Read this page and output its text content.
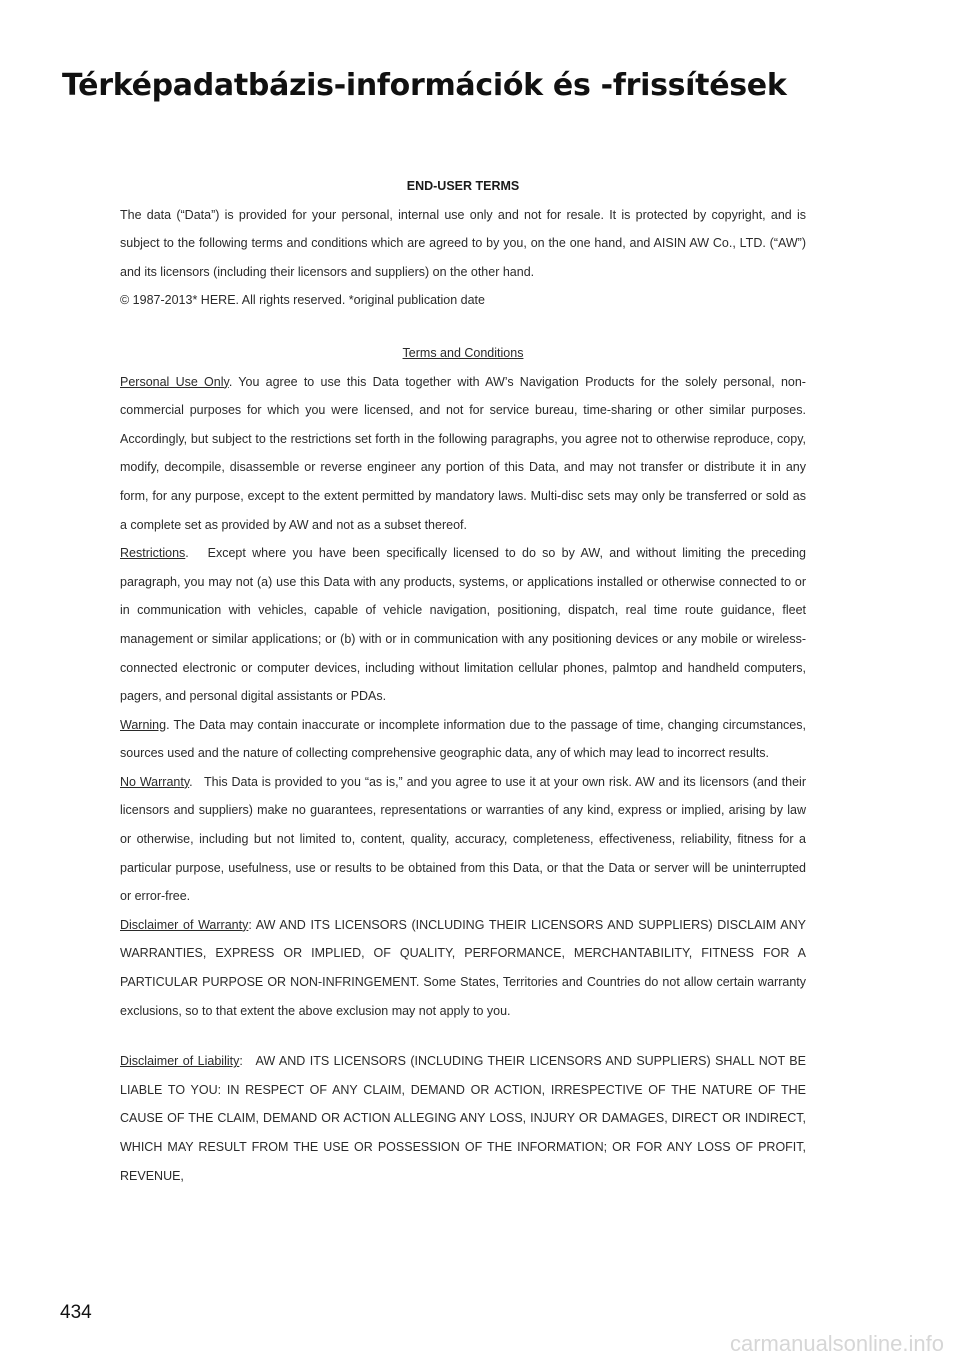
Térképadatbázis-információk és -frissítések

END-USER TERMS

The data (“Data”) is provided for your personal, internal use only and not for resale. It is protected by copyright, and is subject to the following terms and conditions which are agreed to by you, on the one hand, and AISIN AW Co., LTD. (“AW”) and its licensors (including their licensors and suppliers) on the other hand.

© 1987-2013* HERE. All rights reserved. *original publication date

Terms and Conditions

Personal Use Only. You agree to use this Data together with AW’s Navigation Products for the solely personal, non-commercial purposes for which you were licensed, and not for service bureau, time-sharing or other similar purposes. Accordingly, but subject to the restrictions set forth in the following paragraphs, you agree not to otherwise reproduce, copy, modify, decompile, disassemble or reverse engineer any portion of this Data, and may not transfer or distribute it in any form, for any purpose, except to the extent permitted by mandatory laws. Multi-disc sets may only be transferred or sold as a complete set as provided by AW and not as a subset thereof.

Restrictions.   Except where you have been specifically licensed to do so by AW, and without limiting the preceding paragraph, you may not (a) use this Data with any products, systems, or applications installed or otherwise connected to or in communication with vehicles, capable of vehicle navigation, positioning, dispatch, real time route guidance, fleet management or similar applications; or (b) with or in communication with any positioning devices or any mobile or wireless-connected electronic or computer devices, including without limitation cellular phones, palmtop and handheld computers, pagers, and personal digital assistants or PDAs.

Warning. The Data may contain inaccurate or incomplete information due to the passage of time, changing circumstances, sources used and the nature of collecting comprehensive geographic data, any of which may lead to incorrect results.

No Warranty.   This Data is provided to you “as is,” and you agree to use it at your own risk. AW and its licensors (and their licensors and suppliers) make no guarantees, representations or warranties of any kind, express or implied, arising by law or otherwise, including but not limited to, content, quality, accuracy, completeness, effectiveness, reliability, fitness for a particular purpose, usefulness, use or results to be obtained from this Data, or that the Data or server will be uninterrupted or error-free.

Disclaimer of Warranty: AW AND ITS LICENSORS (INCLUDING THEIR LICENSORS AND SUPPLIERS) DISCLAIM ANY WARRANTIES, EXPRESS OR IMPLIED, OF QUALITY, PERFORMANCE, MERCHANTABILITY, FITNESS FOR A PARTICULAR PURPOSE OR NON-INFRINGEMENT. Some States, Territories and Countries do not allow certain warranty exclusions, so to that extent the above exclusion may not apply to you.

Disclaimer of Liability:   AW AND ITS LICENSORS (INCLUDING THEIR LICENSORS AND SUPPLIERS) SHALL NOT BE LIABLE TO YOU: IN RESPECT OF ANY CLAIM, DEMAND OR ACTION, IRRESPECTIVE OF THE NATURE OF THE CAUSE OF THE CLAIM, DEMAND OR ACTION ALLEGING ANY LOSS, INJURY OR DAMAGES, DIRECT OR INDIRECT, WHICH MAY RESULT FROM THE USE OR POSSESSION OF THE INFORMATION; OR FOR ANY LOSS OF PROFIT, REVENUE,

434

carmanualsonline.info
